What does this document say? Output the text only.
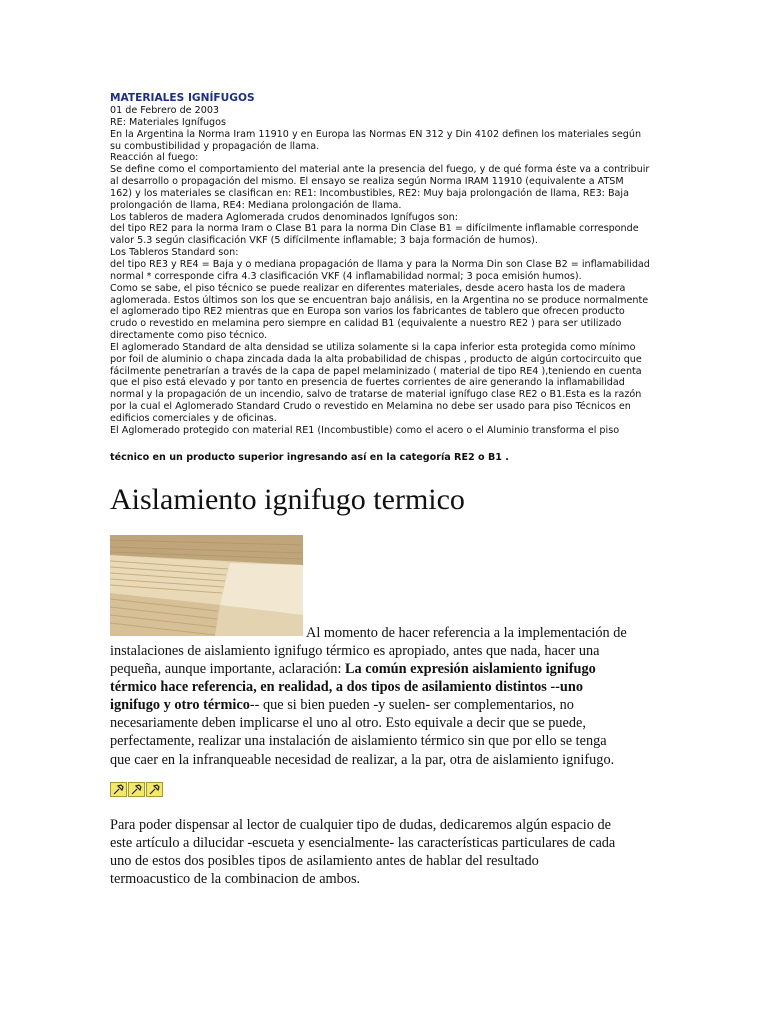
MATERIALES IGNÍFUGOS
01 de Febrero de 2003
RE: Materiales Ignífugos
En la Argentina la Norma Iram 11910 y en Europa las Normas EN 312 y Din 4102 definen los materiales según
su combustibilidad y propagación de llama.
Reacción al fuego:
Se define como el comportamiento del material ante la presencia del fuego, y de qué forma éste va a contribuir
al desarrollo o propagación del mismo. El ensayo se realiza según Norma IRAM 11910 (equivalente a ATSM
162) y los materiales se clasifican en: RE1: Incombustibles, RE2: Muy baja prolongación de llama, RE3: Baja
prolongación de llama, RE4: Mediana prolongación de llama.
Los tableros de madera Aglomerada crudos denominados Ignífugos son:
del tipo RE2 para la norma Iram o Clase B1 para la norma Din Clase B1 = difícilmente inflamable corresponde
valor 5.3 según clasificación VKF (5 difícilmente inflamable; 3 baja formación de humos).
Los Tableros Standard son:
del tipo RE3 y RE4 = Baja y o mediana propagación de llama y para la Norma Din son Clase B2 = inflamabilidad
normal * corresponde cifra 4.3 clasificación VKF (4 inflamabilidad normal; 3 poca emisión humos).
Como se sabe, el piso técnico se puede realizar en diferentes materiales, desde acero hasta los de madera
aglomerada. Estos últimos son los que se encuentran bajo análisis, en la Argentina no se produce normalmente
el aglomerado tipo RE2 mientras que en Europa son varios los fabricantes de tablero que ofrecen producto
crudo o revestido en melamina pero siempre en calidad B1 (equivalente a nuestro RE2 ) para ser utilizado
directamente como piso técnico.
El aglomerado Standard de alta densidad se utiliza solamente si la capa inferior esta protegida como mínimo
por foil de aluminio o chapa zincada dada la alta probabilidad de chispas , producto de algún cortocircuito que
fácilmente penetrarían a través de la capa de papel melaminizado ( material de tipo RE4 ),teniendo en cuenta
que el piso está elevado y por tanto en presencia de fuertes corrientes de aire generando la inflamabilidad
normal y la propagación de un incendio, salvo de tratarse de material ignífugo clase RE2 o B1.Esta es la razón
por la cual el Aglomerado Standard Crudo o revestido en Melamina no debe ser usado para piso Técnicos en
edificios comerciales y de oficinas.
El Aglomerado protegido con material RE1 (Incombustible) como el acero o el Aluminio transforma el piso
técnico en un producto superior ingresando así en la categoría RE2 o B1 .
Aislamiento ignifugo termico
Al momento de hacer referencia a la implementación de
instalaciones de aislamiento ignifugo térmico es apropiado, antes que nada, hacer una
pequeña, aunque importante, aclaración: La común expresión aislamiento ignifugo
térmico hace referencia, en realidad, a dos tipos de asilamiento distintos --uno
ignifugo y otro térmico-- que si bien pueden -y suelen- ser complementarios, no
necesariamente deben implicarse el uno al otro. Esto equivale a decir que se puede,
perfectamente, realizar una instalación de aislamiento térmico sin que por ello se tenga
que caer en la infranqueable necesidad de realizar, a la par, otra de aislamiento ignifugo.
Para poder dispensar al lector de cualquier tipo de dudas, dedicaremos algún espacio de
este artículo a dilucidar -escueta y esencialmente- las características particulares de cada
uno de estos dos posibles tipos de asilamiento antes de hablar del resultado
termoacustico de la combinacion de ambos.
